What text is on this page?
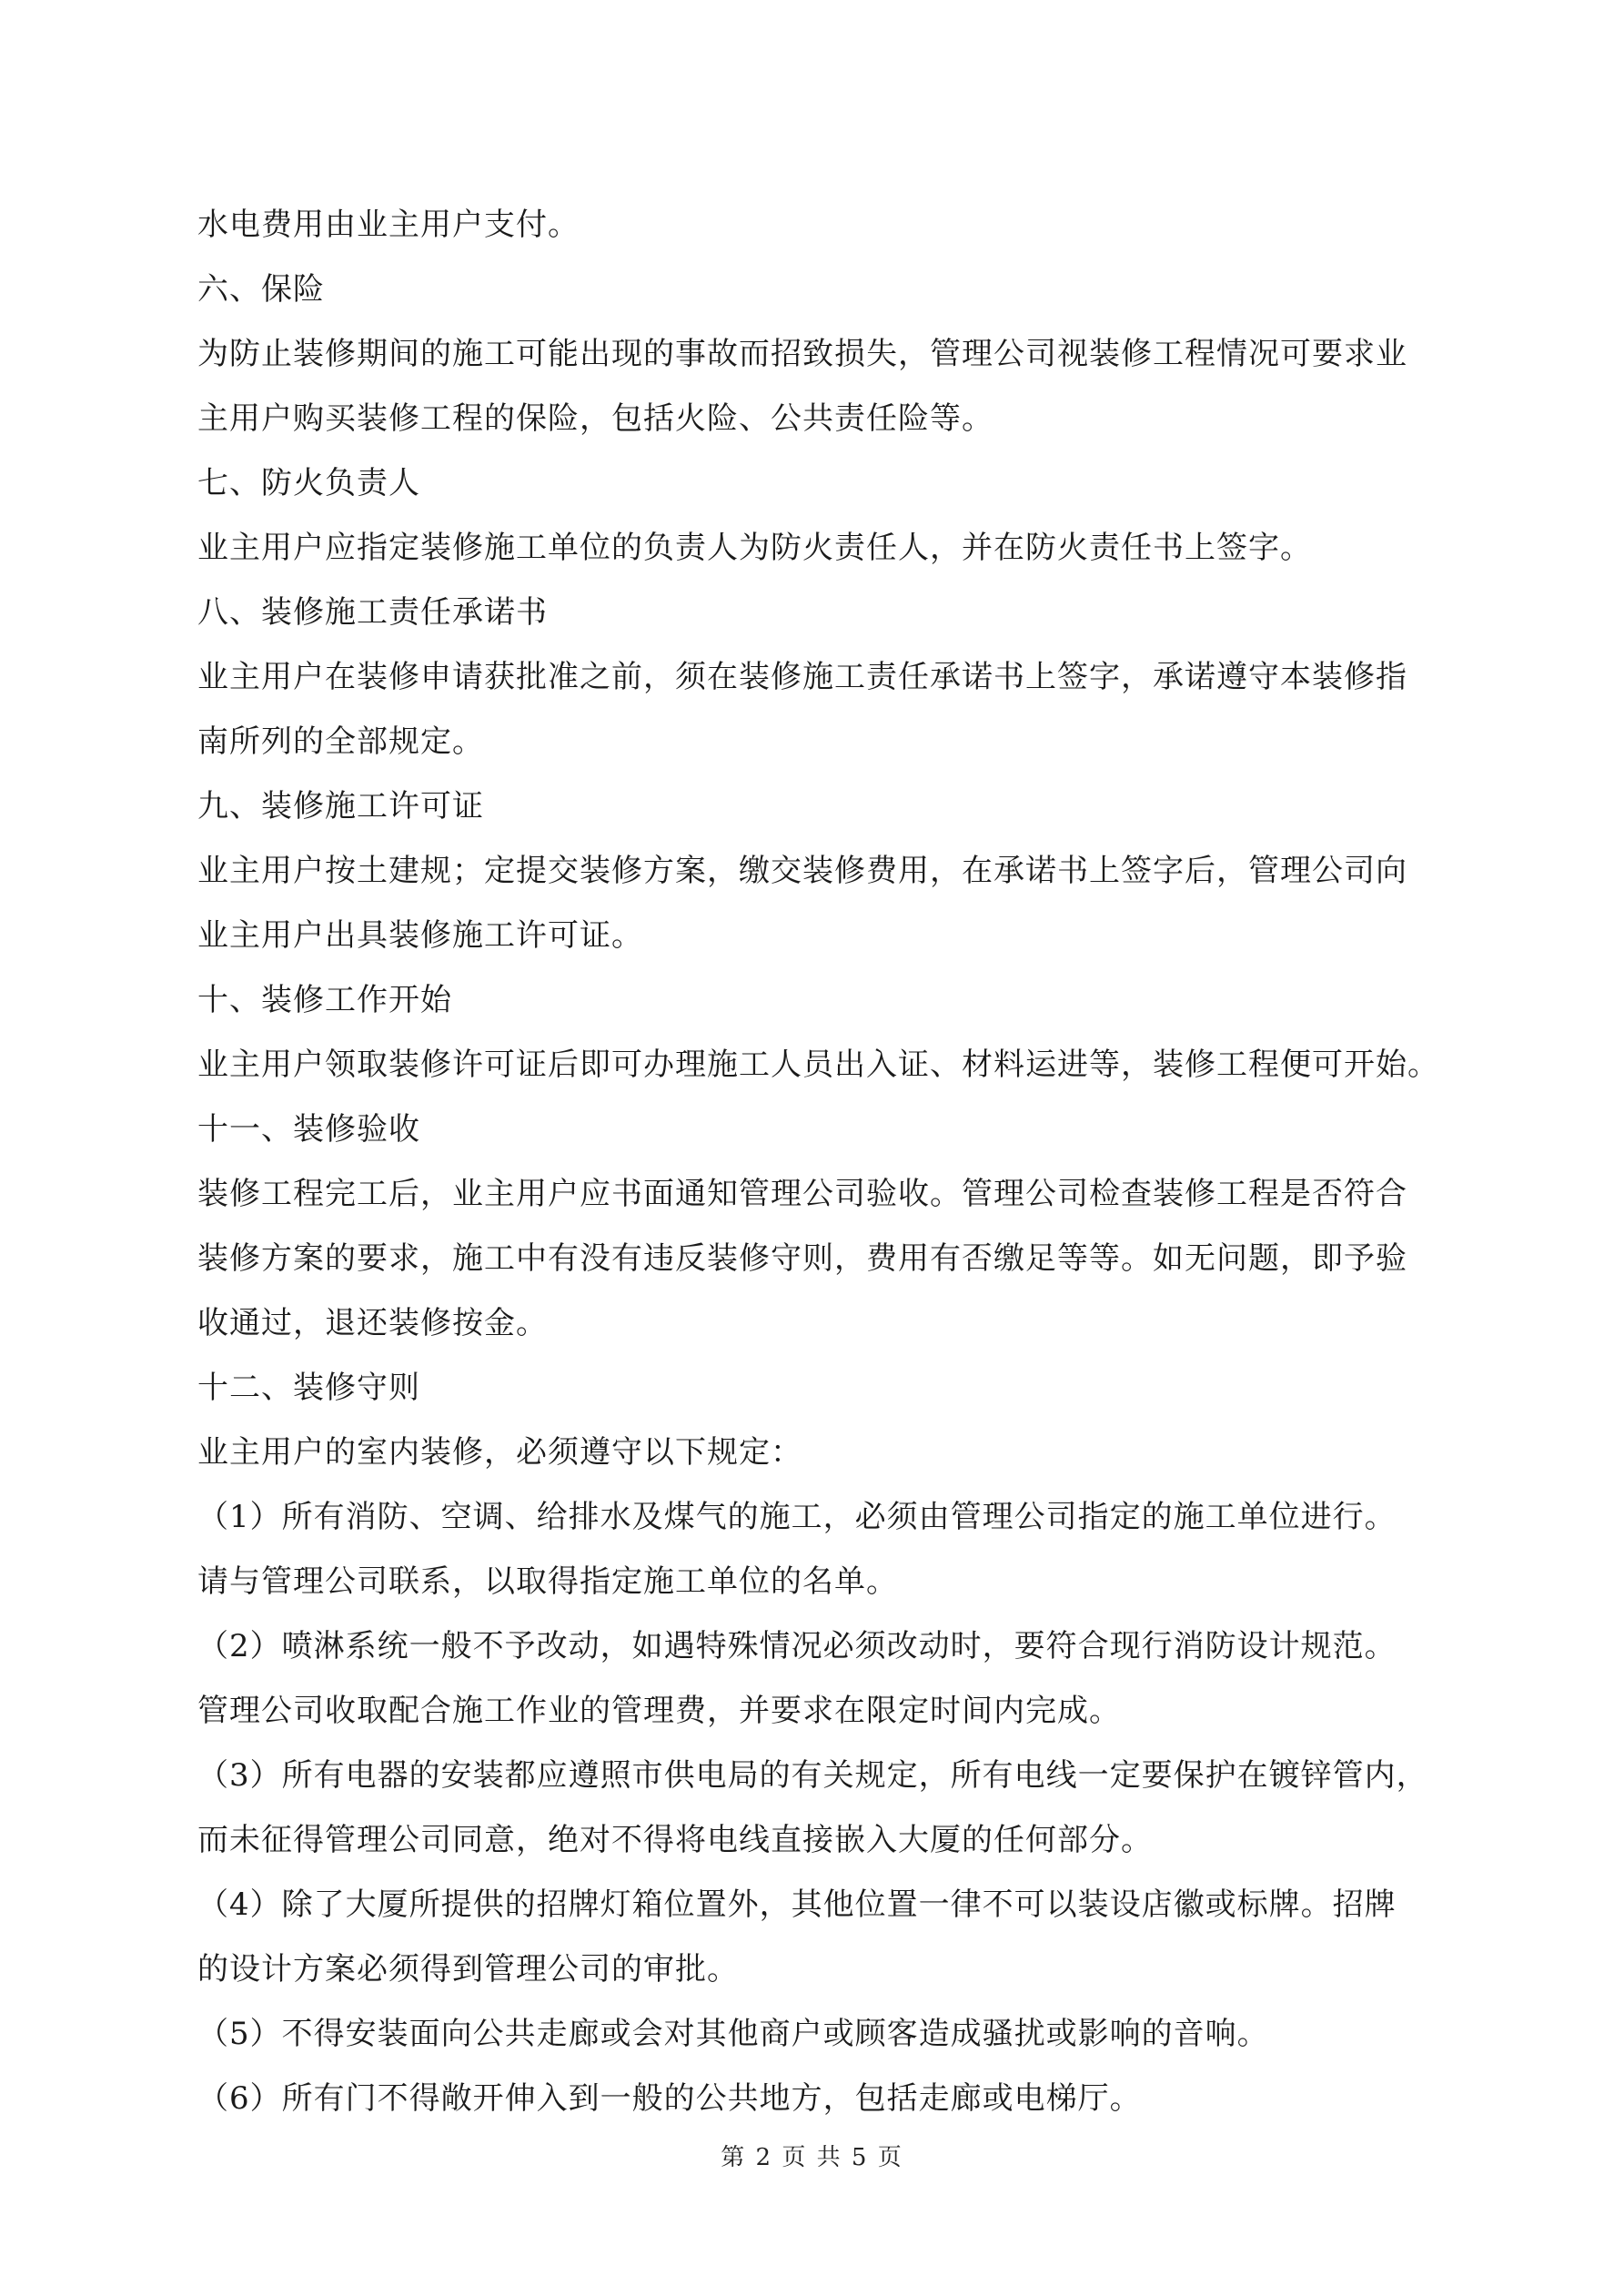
水电费用由业主用户支付。
六、保险
为防止装修期间的施工可能出现的事故而招致损失，管理公司视装修工程情况可要求业
主用户购买装修工程的保险，包括火险、公共责任险等。
七、防火负责人
业主用户应指定装修施工单位的负责人为防火责任人，并在防火责任书上签字。
八、装修施工责任承诺书
业主用户在装修申请获批准之前，须在装修施工责任承诺书上签字，承诺遵守本装修指
南所列的全部规定。
九、装修施工许可证
业主用户按土建规；定提交装修方案，缴交装修费用，在承诺书上签字后，管理公司向
业主用户出具装修施工许可证。
十、装修工作开始
业主用户领取装修许可证后即可办理施工人员出入证、材料运进等，装修工程便可开始。
十一、装修验收
装修工程完工后，业主用户应书面通知管理公司验收。管理公司检查装修工程是否符合
装修方案的要求，施工中有没有违反装修守则，费用有否缴足等等。如无问题，即予验
收通过，退还装修按金。
十二、装修守则
业主用户的室内装修，必须遵守以下规定：
（1）所有消防、空调、给排水及煤气的施工，必须由管理公司指定的施工单位进行。
请与管理公司联系，以取得指定施工单位的名单。
（2）喷淋系统一般不予改动，如遇特殊情况必须改动时，要符合现行消防设计规范。
管理公司收取配合施工作业的管理费，并要求在限定时间内完成。
（3）所有电器的安装都应遵照市供电局的有关规定，所有电线一定要保护在镀锌管内，
而未征得管理公司同意，绝对不得将电线直接嵌入大厦的任何部分。
（4）除了大厦所提供的招牌灯箱位置外，其他位置一律不可以装设店徽或标牌。招牌
的设计方案必须得到管理公司的审批。
（5）不得安装面向公共走廊或会对其他商户或顾客造成骚扰或影响的音响。
（6）所有门不得敞开伸入到一般的公共地方，包括走廊或电梯厅。
第 2 页 共 5 页
